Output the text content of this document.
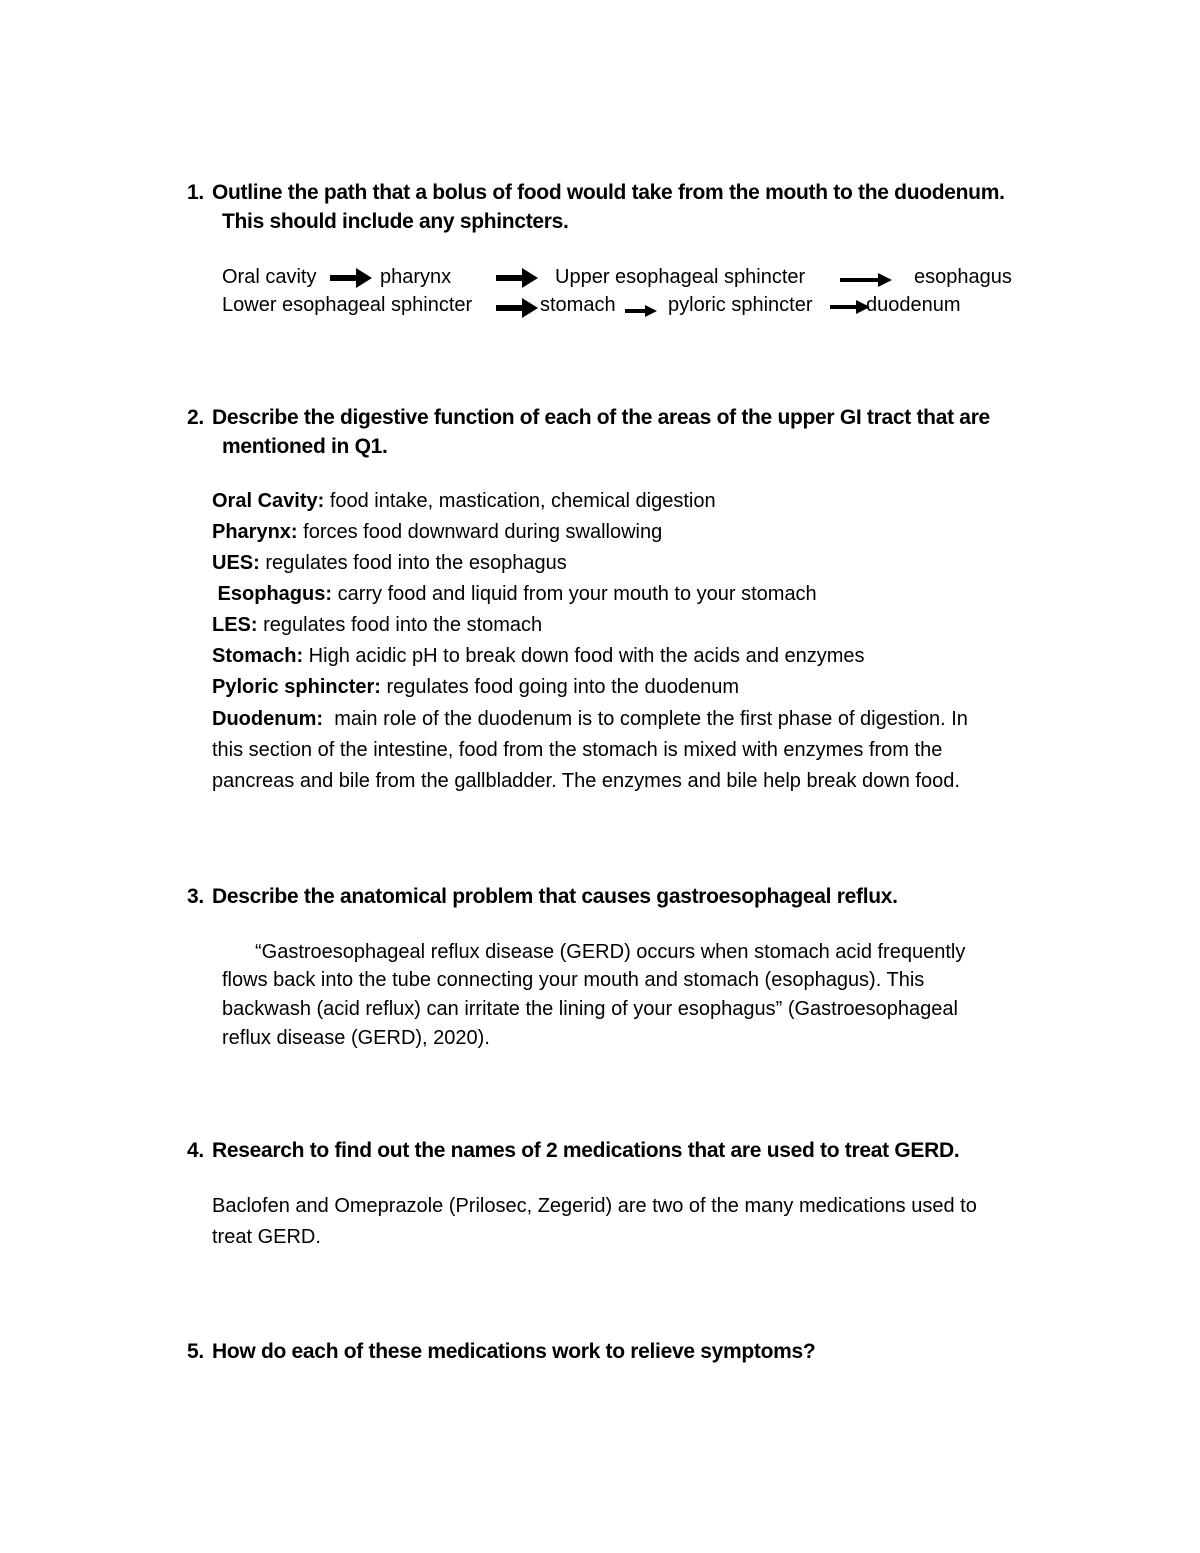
1. Outline the path that a bolus of food would take from the mouth to the duodenum.
This should include any sphincters.
Oral cavity	pharynx	Upper esophageal sphincter	esophagus
Lower esophageal sphincter	stomach	pyloric sphincter	duodenum
2. Describe the digestive function of each of the areas of the upper GI tract that are
mentioned in Q1.
Oral Cavity: food intake, mastication, chemical digestion
Pharynx: forces food downward during swallowing
UES: regulates food into the esophagus
Esophagus: carry food and liquid from your mouth to your stomach
LES: regulates food into the stomach
Stomach: High acidic pH to break down food with the acids and enzymes
Pyloric sphincter: regulates food going into the duodenum
Duodenum:  main role of the duodenum is to complete the first phase of digestion. In
this section of the intestine, food from the stomach is mixed with enzymes from the
pancreas and bile from the gallbladder. The enzymes and bile help break down food.
3. Describe the anatomical problem that causes gastroesophageal reflux.
“Gastroesophageal reflux disease (GERD) occurs when stomach acid frequently
flows back into the tube connecting your mouth and stomach (esophagus). This
backwash (acid reflux) can irritate the lining of your esophagus” (Gastroesophageal
reflux disease (GERD), 2020).
4. Research to find out the names of 2 medications that are used to treat GERD.
Baclofen and Omeprazole (Prilosec, Zegerid) are two of the many medications used to
treat GERD.
5. How do each of these medications work to relieve symptoms?
